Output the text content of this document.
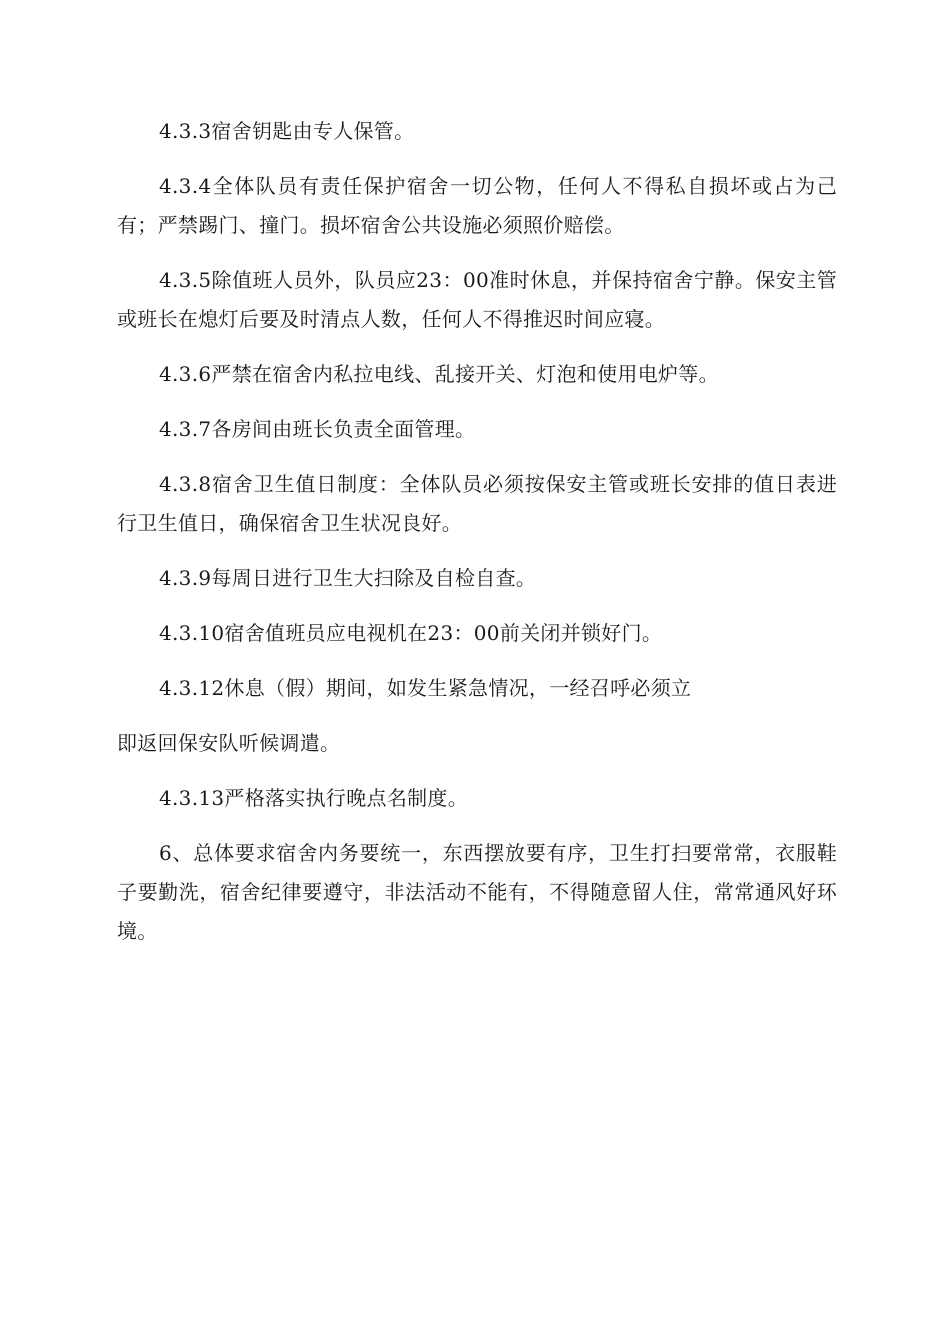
4.3.3宿舍钥匙由专人保管。

4.3.4全体队员有责任保护宿舍一切公物，任何人不得私自损坏或占为己有；严禁踢门、撞门。损坏宿舍公共设施必须照价赔偿。

4.3.5除值班人员外，队员应23：00准时休息，并保持宿舍宁静。保安主管或班长在熄灯后要及时清点人数，任何人不得推迟时间应寝。

4.3.6严禁在宿舍内私拉电线、乱接开关、灯泡和使用电炉等。

4.3.7各房间由班长负责全面管理。

4.3.8宿舍卫生值日制度：全体队员必须按保安主管或班长安排的值日表进行卫生值日，确保宿舍卫生状况良好。

4.3.9每周日进行卫生大扫除及自检自查。

4.3.10宿舍值班员应电视机在23：00前关闭并锁好门。

4.3.12休息（假）期间，如发生紧急情况，一经召呼必须立

即返回保安队听候调遣。

4.3.13严格落实执行晚点名制度。

6、总体要求宿舍内务要统一，东西摆放要有序，卫生打扫要常常，衣服鞋子要勤洗，宿舍纪律要遵守，非法活动不能有，不得随意留人住，常常通风好环境。
